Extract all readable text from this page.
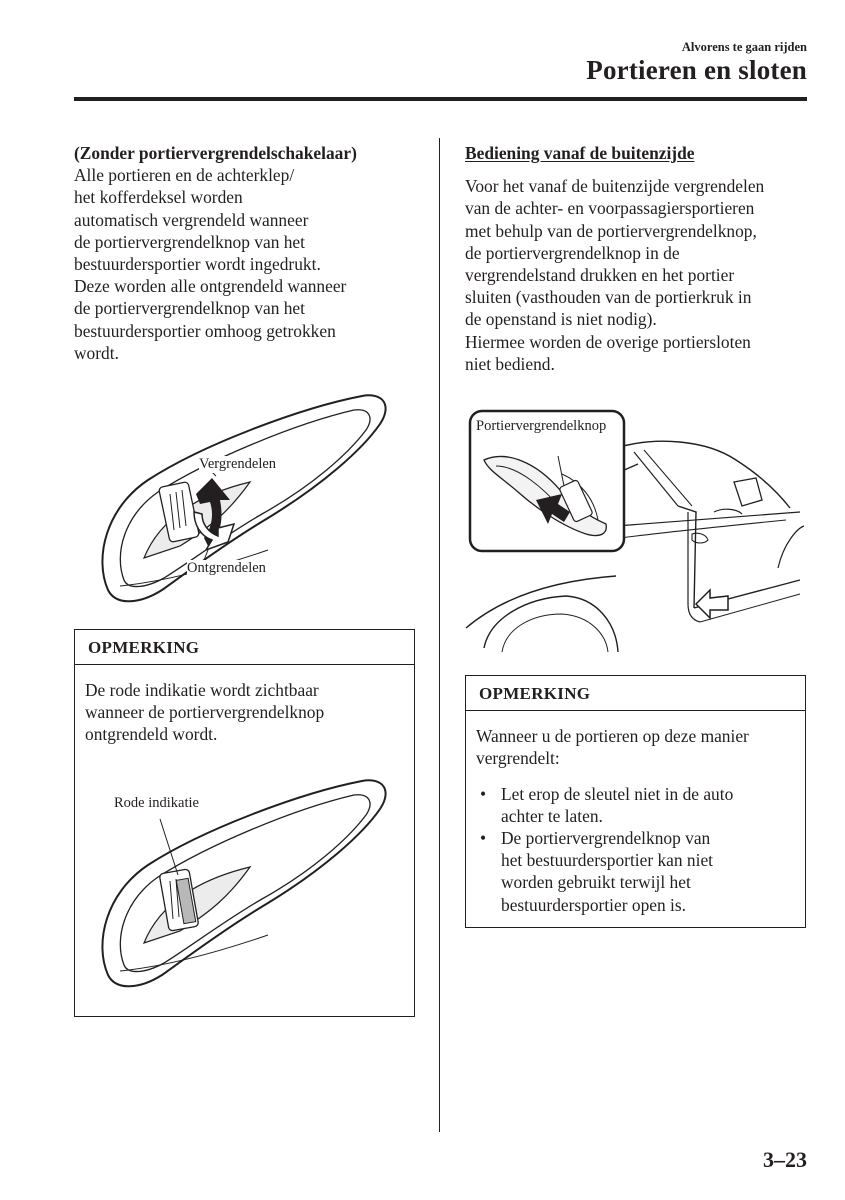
Alvorens te gaan rijden
Portieren en sloten
(Zonder portiervergrendelschakelaar)
Alle portieren en de achterklep/
het kofferdeksel worden
automatisch vergrendeld wanneer
de portiervergrendelknop van het
bestuurdersportier wordt ingedrukt.
Deze worden alle ontgrendeld wanneer
de portiervergrendelknop van het
bestuurdersportier omhoog getrokken
wordt.
Vergrendelen
Ontgrendelen
OPMERKING
De rode indikatie wordt zichtbaar
wanneer de portiervergrendelknop
ontgrendeld wordt.
Rode indikatie
Bediening vanaf de buitenzijde
Voor het vanaf de buitenzijde vergrendelen
van de achter- en voorpassagiersportieren
met behulp van de portiervergrendelknop,
de portiervergrendelknop in de
vergrendelstand drukken en het portier
sluiten (vasthouden van de portierkruk in
de openstand is niet nodig).
Hiermee worden de overige portiersloten
niet bediend.
Portiervergrendelknop
OPMERKING
Wanneer u de portieren op deze manier
vergrendelt:
• Let erop de sleutel niet in de auto
achter te laten.
• De portiervergrendelknop van
het bestuurdersportier kan niet
worden gebruikt terwijl het
bestuurdersportier open is.
3–23
